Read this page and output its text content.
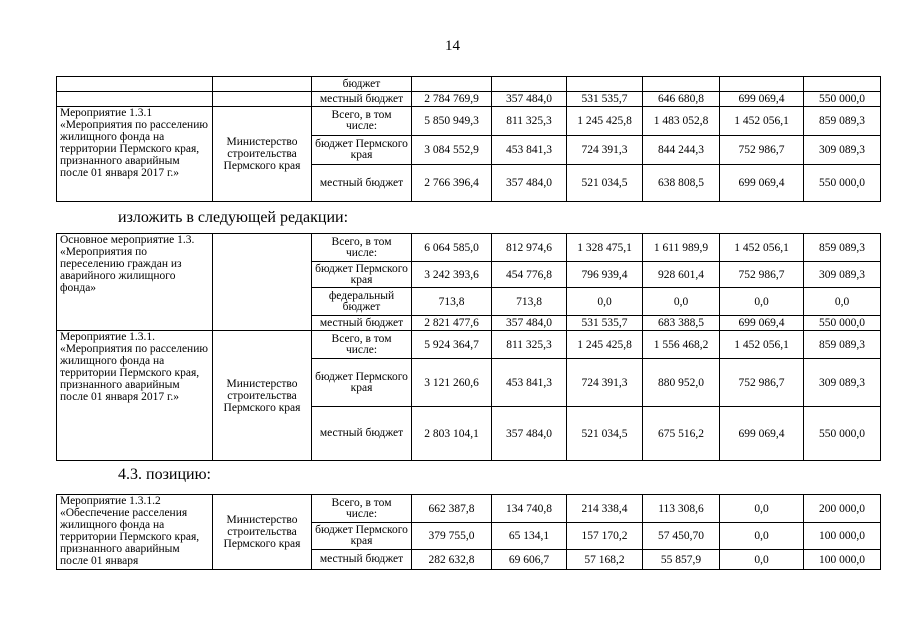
14
		бюджет						
		местный бюджет	2 784 769,9	357 484,0	531 535,7	646 680,8	699 069,4	550 000,0
Мероприятие 1.3.1 «Мероприятия по расселению жилищного фонда на территории Пермского края, признанного аварийным после 01 января 2017 г.»	Министерство строительства Пермского края	Всего, в том числе:	5 850 949,3	811 325,3	1 245 425,8	1 483 052,8	1 452 056,1	859 089,3
		бюджет Пермского края	3 084 552,9	453 841,3	724 391,3	844 244,3	752 986,7	309 089,3
		местный бюджет	2 766 396,4	357 484,0	521 034,5	638 808,5	699 069,4	550 000,0
изложить в следующей редакции:
Основное мероприятие 1.3. «Мероприятия по переселению граждан из аварийного жилищного фонда»		Всего, в том числе:	6 064 585,0	812 974,6	1 328 475,1	1 611 989,9	1 452 056,1	859 089,3
		бюджет Пермского края	3 242 393,6	454 776,8	796 939,4	928 601,4	752 986,7	309 089,3
		федеральный бюджет	713,8	713,8	0,0	0,0	0,0	0,0
		местный бюджет	2 821 477,6	357 484,0	531 535,7	683 388,5	699 069,4	550 000,0
Мероприятие 1.3.1. «Мероприятия по расселению жилищного фонда на территории Пермского края, признанного аварийным после 01 января 2017 г.»	Министерство строительства Пермского края	Всего, в том числе:	5 924 364,7	811 325,3	1 245 425,8	1 556 468,2	1 452 056,1	859 089,3
		бюджет Пермского края	3 121 260,6	453 841,3	724 391,3	880 952,0	752 986,7	309 089,3
		местный бюджет	2 803 104,1	357 484,0	521 034,5	675 516,2	699 069,4	550 000,0
4.3. позицию:
Мероприятие 1.3.1.2 «Обеспечение расселения жилищного фонда на территории Пермского края, признанного аварийным после 01 января	Министерство строительства Пермского края	Всего, в том числе:	662 387,8	134 740,8	214 338,4	113 308,6	0,0	200 000,0
		бюджет Пермского края	379 755,0	65 134,1	157 170,2	57 450,70	0,0	100 000,0
		местный бюджет	282 632,8	69 606,7	57 168,2	55 857,9	0,0	100 000,0
